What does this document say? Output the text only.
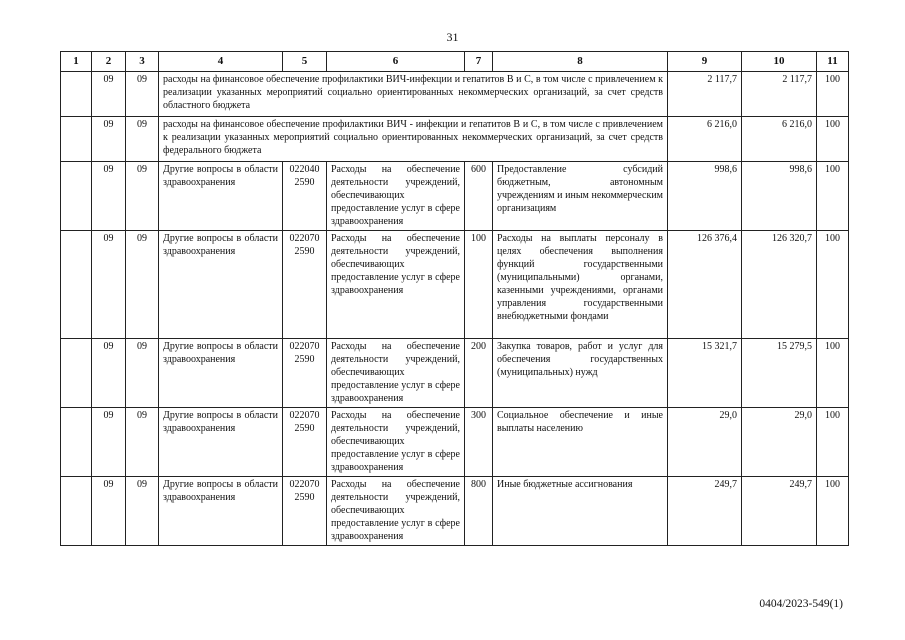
31
1	2	3	4	5	6	7	8	9	10	11
	09	09	расходы на финансовое обеспечение профилактики ВИЧ-инфекции и гепатитов В и С, в том числе с привлечением к реализации указанных мероприятий социально ориентированных некоммерческих организаций, за счет средств областного бюджета					2 117,7	2 117,7	100
	09	09	расходы на финансовое обеспечение профилактики ВИЧ - инфекции и гепатитов В и С, в том числе с привлечением к реализации указанных мероприятий социально ориентированных некоммерческих организаций, за счет средств федерального бюджета					6 216,0	6 216,0	100
	09	09	Другие вопросы в области здравоохранения	022040 2590	Расходы на обеспечение деятельности учреждений, обеспечивающих предоставление услуг в сфере здравоохранения	600	Предоставление субсидий бюджетным, автономным учреждениям и иным некоммерческим организациям	998,6	998,6	100
	09	09	Другие вопросы в области здравоохранения	022070 2590	Расходы на обеспечение деятельности учреждений, обеспечивающих предоставление услуг в сфере здравоохранения	100	Расходы на выплаты персоналу в целях обеспечения выполнения функций государственными (муниципальными) органами, казенными учреждениями, органами управления государственными внебюджетными фондами	126 376,4	126 320,7	100
	09	09	Другие вопросы в области здравоохранения	022070 2590	Расходы на обеспечение деятельности учреждений, обеспечивающих предоставление услуг в сфере здравоохранения	200	Закупка товаров, работ и услуг для обеспечения государственных (муниципальных) нужд	15 321,7	15 279,5	100
	09	09	Другие вопросы в области здравоохранения	022070 2590	Расходы на обеспечение деятельности учреждений, обеспечивающих предоставление услуг в сфере здравоохранения	300	Социальное обеспечение и иные выплаты населению	29,0	29,0	100
	09	09	Другие вопросы в области здравоохранения	022070 2590	Расходы на обеспечение деятельности учреждений, обеспечивающих предоставление услуг в сфере здравоохранения	800	Иные бюджетные ассигнования	249,7	249,7	100
0404/2023-549(1)
